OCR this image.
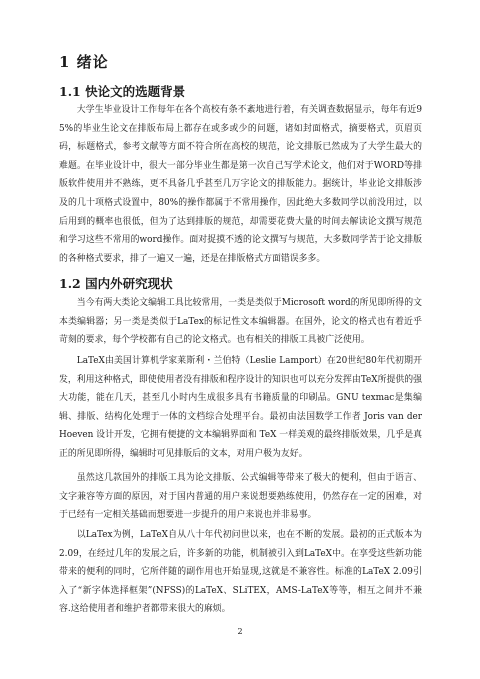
1 绪论
1.1 快论文的选题背景

大学生毕业设计工作每年在各个高校有条不紊地进行着，有关调查数据显示，每年有近95%的毕业生论文在排版布局上都存在或多或少的问题，诸如封面格式，摘要格式，页眉页码，标题格式，参考文献等方面不符合所在高校的规范，论文排版已然成为了大学生最大的难题。在毕业设计中，很大一部分毕业生都是第一次自己写学术论文，他们对于WORD等排版软件使用并不熟练，更不具备几乎甚至几万字论文的排版能力。据统计，毕业论文排版涉及的几十项格式设置中，80%的操作都属于不常用操作，因此绝大多数同学以前没用过，以后用到的概率也很低，但为了达到排版的规范，却需要花费大量的时间去解读论文撰写规范和学习这些不常用的word操作。面对捉摸不透的论文撰写与规范，大多数同学苦于论文排版的各种格式要求，排了一遍又一遍，还是在排版格式方面错误多多。

1.2 国内外研究现状

当今有两大类论文编辑工具比较常用，一类是类似于Microsoft word的所见即所得的文本类编辑器；另一类是类似于LaTex的标记性文本编辑器。在国外，论文的格式也有着近乎苛刻的要求，每个学校都有自己的论文格式。也有相关的排版工具被广泛使用。

LaTeX由美国计算机学家莱斯利・兰伯特（Leslie Lamport）在20世纪80年代初期开发，利用这种格式，即使使用者没有排版和程序设计的知识也可以充分发挥由TeX所提供的强大功能，能在几天，甚至几小时内生成很多具有书籍质量的印刷品。GNU texmac是集编辑、排版、结构化处理于一体的文档综合处理平台。最初由法国数学工作者 Joris van der Hoeven 设计开发，它拥有便捷的文本编辑界面和 TeX 一样美观的最终排版效果，几乎是真正的所见即所得，编辑时可见排版后的文本，对用户极为友好。

虽然这几款国外的排版工具为论文排版、公式编辑等带来了极大的便利，但由于语言、文字兼容等方面的原因，对于国内普通的用户来说想要熟练使用，仍然存在一定的困难，对于已经有一定相关基础而想要进一步提升的用户来说也并非易事。

以LaTex为例，LaTeX自从八十年代初问世以来，也在不断的发展。最初的正式版本为2.09，在经过几年的发展之后，许多新的功能，机制被引入到LaTeX中。在享受这些新功能带来的便利的同时，它所伴随的副作用也开始显现,这就是不兼容性。标准的LaTeX 2.09引入了“新字体选择框架”(NFSS)的LaTeX、SLiTEX，AMS-LaTeX等等，相互之间并不兼容.这给使用者和维护者都带来很大的麻烦。

2
